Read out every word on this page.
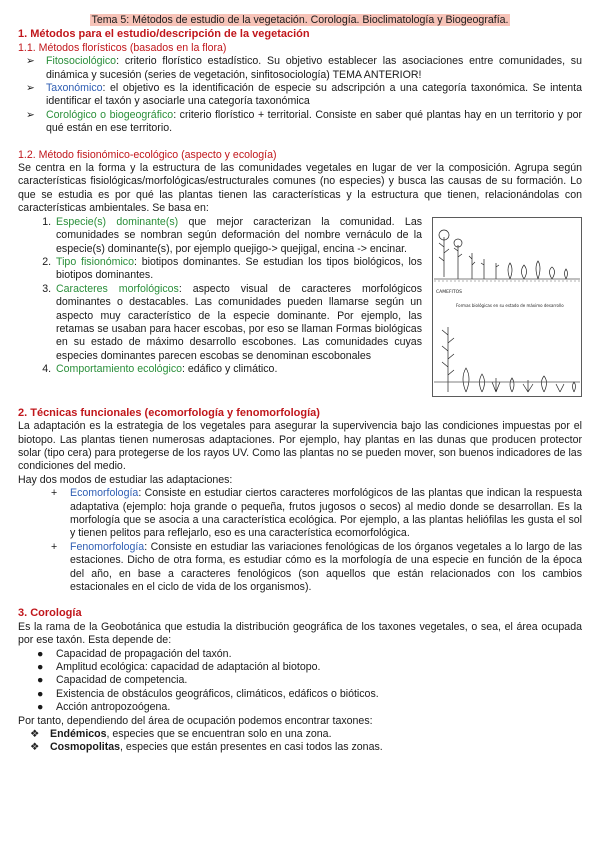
Tema 5: Métodos de estudio de la vegetación. Corología. Bioclimatología y Biogeografía.
1. Métodos para el estudio/descripción de la vegetación
1.1. Métodos florísticos (basados en la flora)
➢ Fitosociológico: criterio florístico estadístico. Su objetivo establecer las asociaciones entre comunidades, su dinámica y sucesión (series de vegetación, sinfitosociología) TEMA ANTERIOR!
➢ Taxonómico: el objetivo es la identificación de especie su adscripción a una categoría taxonómica. Se intenta identificar el taxón y asociarle una categoría taxonómica
➢ Corológico o biogeográfico: criterio florístico + territorial. Consiste en saber qué plantas hay en un territorio y por qué están en ese territorio.
1.2. Método fisionómico-ecológico (aspecto y ecología)

Se centra en la forma y la estructura de las comunidades vegetales en lugar de ver la composición. Agrupa según características fisiológicas/morfológicas/estructurales comunes (no especies) y busca las causas de su formación. Lo que se estudia es por qué las plantas tienen las características y la estructura que tienen, relacionándolas con características ambientales. Se basa en:

CAMEFITOS
Formas biológicas en su estado de máximo desarrollo
1. Especie(s) dominante(s) que mejor caracterizan la comunidad. Las comunidades se nombran según deformación del nombre vernáculo de la especie(s) dominante(s), por ejemplo quejigo-> quejigal, encina -> encinar.
2. Tipo fisionómico: biotipos dominantes. Se estudian los tipos biológicos, los biotipos dominantes.
3. Caracteres morfológicos: aspecto visual de caracteres morfológicos dominantes o destacables. Las comunidades pueden llamarse según un aspecto muy característico de la especie dominante. Por ejemplo, las retamas se usaban para hacer escobas, por eso se llaman Formas biológicas en su estado de máximo desarrollo escobones. Las comunidades cuyas especies dominantes parecen escobas se denominan escobonales
4. Comportamiento ecológico: edáfico y climático.
2. Técnicas funcionales (ecomorfología y fenomorfología)

La adaptación es la estrategia de los vegetales para asegurar la supervivencia bajo las condiciones impuestas por el biotopo. Las plantas tienen numerosas adaptaciones. Por ejemplo, hay plantas en las dunas que producen protector solar (tipo cera) para protegerse de los rayos UV. Como las plantas no se pueden mover, son buenos indicadores de las condiciones del medio.

Hay dos modos de estudiar las adaptaciones:

+ Ecomorfología: Consiste en estudiar ciertos caracteres morfológicos de las plantas que indican la respuesta adaptativa (ejemplo: hoja grande o pequeña, frutos jugosos o secos) al medio donde se desarrollan. Es la morfología que se asocia a una característica ecológica. Por ejemplo, a las plantas heliófilas les gusta el sol y tienen pelitos para reflejarlo, eso es una característica ecomorfológica.
+ Fenomorfología: Consiste en estudiar las variaciones fenológicas de los órganos vegetales a lo largo de las estaciones. Dicho de otra forma, es estudiar cómo es la morfología de una especie en función de la época del año, en base a caracteres fenológicos (son aquellos que están relacionados con los cambios estacionales en el ciclo de vida de los organismos).
3. Corología

Es la rama de la Geobotánica que estudia la distribución geográfica de los taxones vegetales, o sea, el área ocupada por ese taxón. Esta depende de:

● Capacidad de propagación del taxón.
● Amplitud ecológica: capacidad de adaptación al biotopo.
● Capacidad de competencia.
● Existencia de obstáculos geográficos, climáticos, edáficos o bióticos.
● Acción antropozoógena.

Por tanto, dependiendo del área de ocupación podemos encontrar taxones:

❖ Endémicos, especies que se encuentran solo en una zona.
❖ Cosmopolitas, especies que están presentes en casi todos las zonas.
